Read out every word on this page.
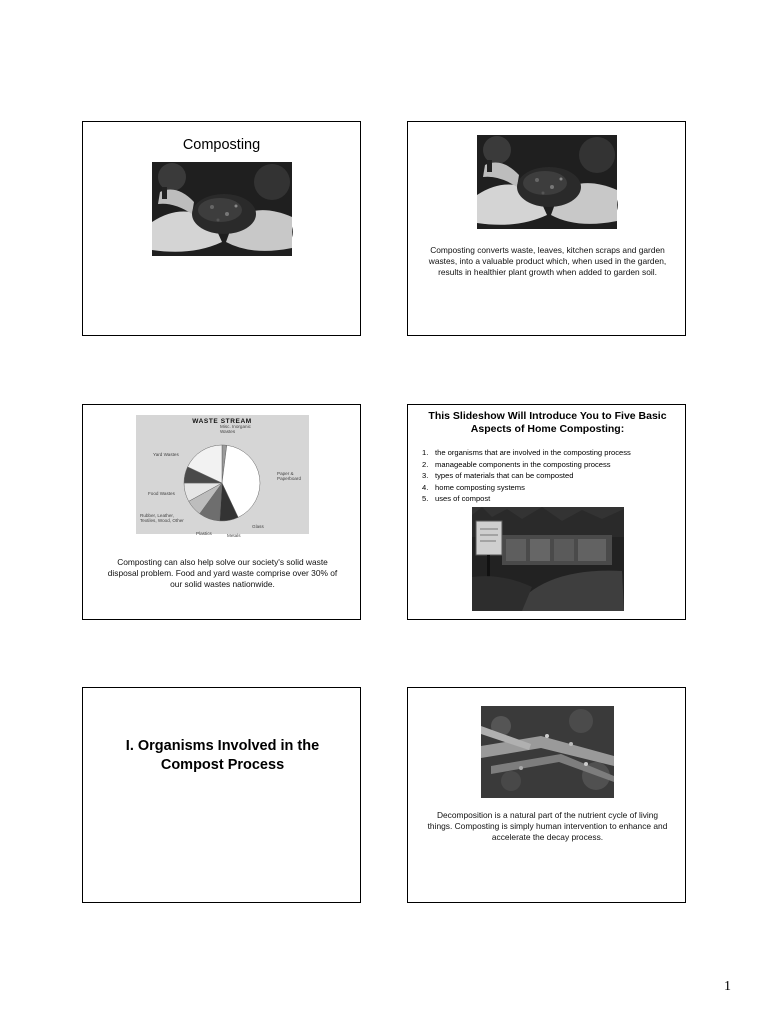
Composting
Composting converts waste, leaves, kitchen scraps and garden wastes, into a valuable product which, when used in the garden, results in healthier plant growth when added to garden soil.
WASTE STREAM
Misc. Inorganic Wastes
Yard Wastes
Paper & Paperboard
Food Wastes
Rubber, Leather, Textiles, Wood, Other
Plastics	Metals
Glass
Composting can also help solve our society's solid waste disposal problem. Food and yard waste comprise over 30% of our solid wastes nationwide.
This Slideshow Will Introduce You to Five Basic Aspects of Home Composting:
1. the organisms that are involved in the composting process
2. manageable components in the composting process
3. types of materials that can be composted
4. home composting systems
5. uses of compost
I. Organisms Involved in the Compost Process
Decomposition is a natural part of the nutrient cycle of living things. Composting is simply human intervention to enhance and accelerate the decay process.
1
